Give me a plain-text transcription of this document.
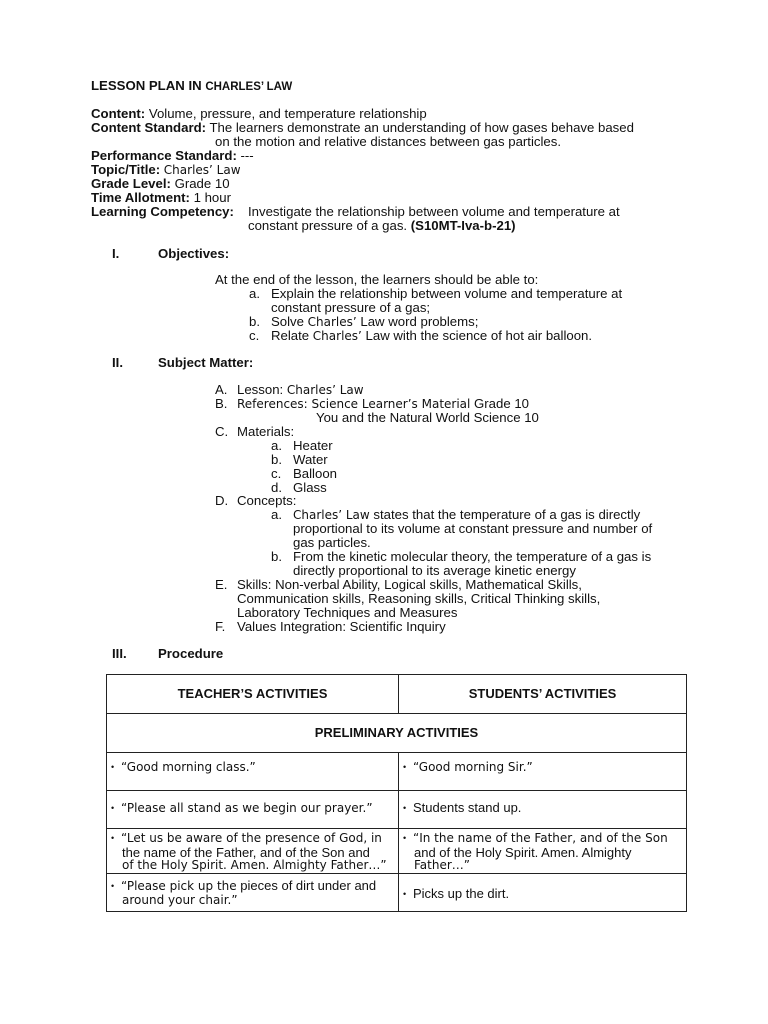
LESSON PLAN IN CHARLES’ LAW
Content: Volume, pressure, and temperature relationship
Content Standard: The learners demonstrate an understanding of how gases behave based
on the motion and relative distances between gas particles.
Performance Standard: ---
Topic/Title: Charles’ Law
Grade Level: Grade 10
Time Allotment: 1 hour
Learning Competency: Investigate the relationship between volume and temperature at
constant pressure of a gas. (S10MT-Iva-b-21)
I.	Objectives:
At the end of the lesson, the learners should be able to:
a. Explain the relationship between volume and temperature at
constant pressure of a gas;
b. Solve Charles’ Law word problems;
c. Relate Charles’ Law with the science of hot air balloon.
II.	Subject Matter:
A. Lesson: Charles’ Law
B. References: Science Learner’s Material Grade 10
You and the Natural World Science 10
C. Materials:
a. Heater
b. Water
c. Balloon
d. Glass
D. Concepts:
a. Charles’ Law states that the temperature of a gas is directly
proportional to its volume at constant pressure and number of
gas particles.
b. From the kinetic molecular theory, the temperature of a gas is
directly proportional to its average kinetic energy
E. Skills: Non-verbal Ability, Logical skills, Mathematical Skills,
Communication skills, Reasoning skills, Critical Thinking skills,
Laboratory Techniques and Measures
F. Values Integration: Scientific Inquiry
III. Procedure
TEACHER’S ACTIVITIES	STUDENTS’ ACTIVITIES
PRELIMINARY ACTIVITIES	
• “Good morning class.”	• “Good morning Sir.”
• “Please all stand as we begin our prayer.”	• Students stand up.
• “Let us be aware of the presence of God, in
the name of the Father, and of the Son and
of the Holy Spirit. Amen. Almighty Father…”	• “In the name of the Father, and of the Son
and of the Holy Spirit. Amen. Almighty
Father…”

• “Please pick up the pieces of dirt under and
around your chair.”	• Picks up the dirt.
